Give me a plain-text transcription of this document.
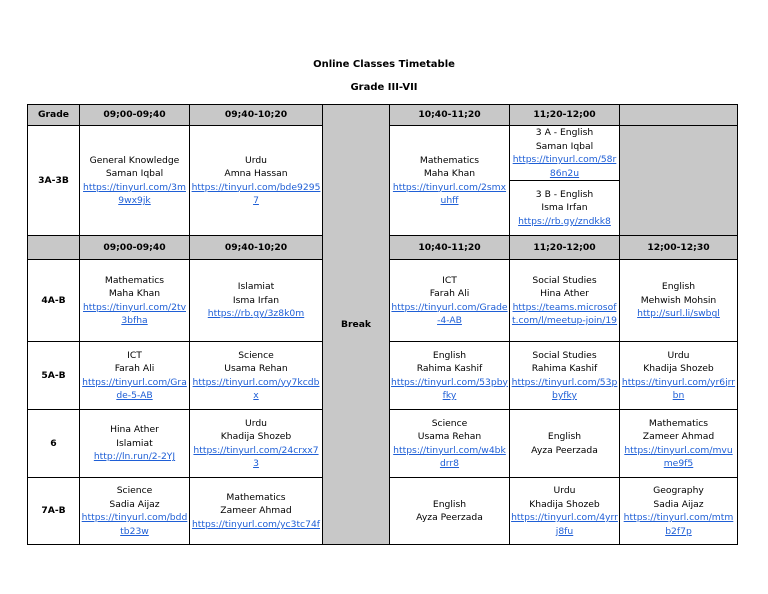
Online Classes Timetable
Grade III-VII
Grade	09;00-09;40	09;40-10;20	Break	10;40-11;20	11;20-12;00	
3A-3B	General Knowledge
Saman Iqbal
https://tinyurl.com/3m9wx9jk	Urdu
Amna Hassan
https://tinyurl.com/bde92957		Mathematics
Maha Khan
https://tinyurl.com/2smxuhff	3 A - English
Saman Iqbal
https://tinyurl.com/58r86n2u	

					3 B - English
Isma Irfan
https://rb.gy/zndkk8	

	09;00-09;40	09;40-10;20		10;40-11;20	11;20-12;00	12;00-12;30
4A-B	Mathematics
Maha Khan
https://tinyurl.com/2tv3bfha	Islamiat
Isma Irfan
https://rb.gy/3z8k0m		ICT
Farah Ali
https://tinyurl.com/Grade-4-AB	Social Studies
Hina Ather
https://teams.microsoft.com/l/meetup-join/19	English
Mehwish Mohsin
http://surl.li/swbgl

5A-B	ICT
Farah Ali
https://tinyurl.com/Grade-5-AB	Science
Usama Rehan
https://tinyurl.com/yy7kcdbx		English
Rahima Kashif
https://tinyurl.com/53pbyfky	Social Studies
Rahima Kashif
https://tinyurl.com/53pbyfky	Urdu
Khadija Shozeb
https://tinyurl.com/yr6jrrbn

6	Hina Ather
Islamiat
http://ln.run/2-2YJ	Urdu
Khadija Shozeb
https://tinyurl.com/24crxx73		Science
Usama Rehan
https://tinyurl.com/w4bkdrr8	English
Ayza Peerzada	Mathematics
Zameer Ahmad
https://tinyurl.com/mvume9f5

7A-B	Science
Sadia Aijaz
https://tinyurl.com/bddtb23w	Mathematics
Zameer Ahmad
https://tinyurl.com/yc3tc74f		English
Ayza Peerzada	Urdu
Khadija Shozeb
https://tinyurl.com/4yrrj8fu	Geography
Sadia Aijaz
https://tinyurl.com/mtmb2f7p
